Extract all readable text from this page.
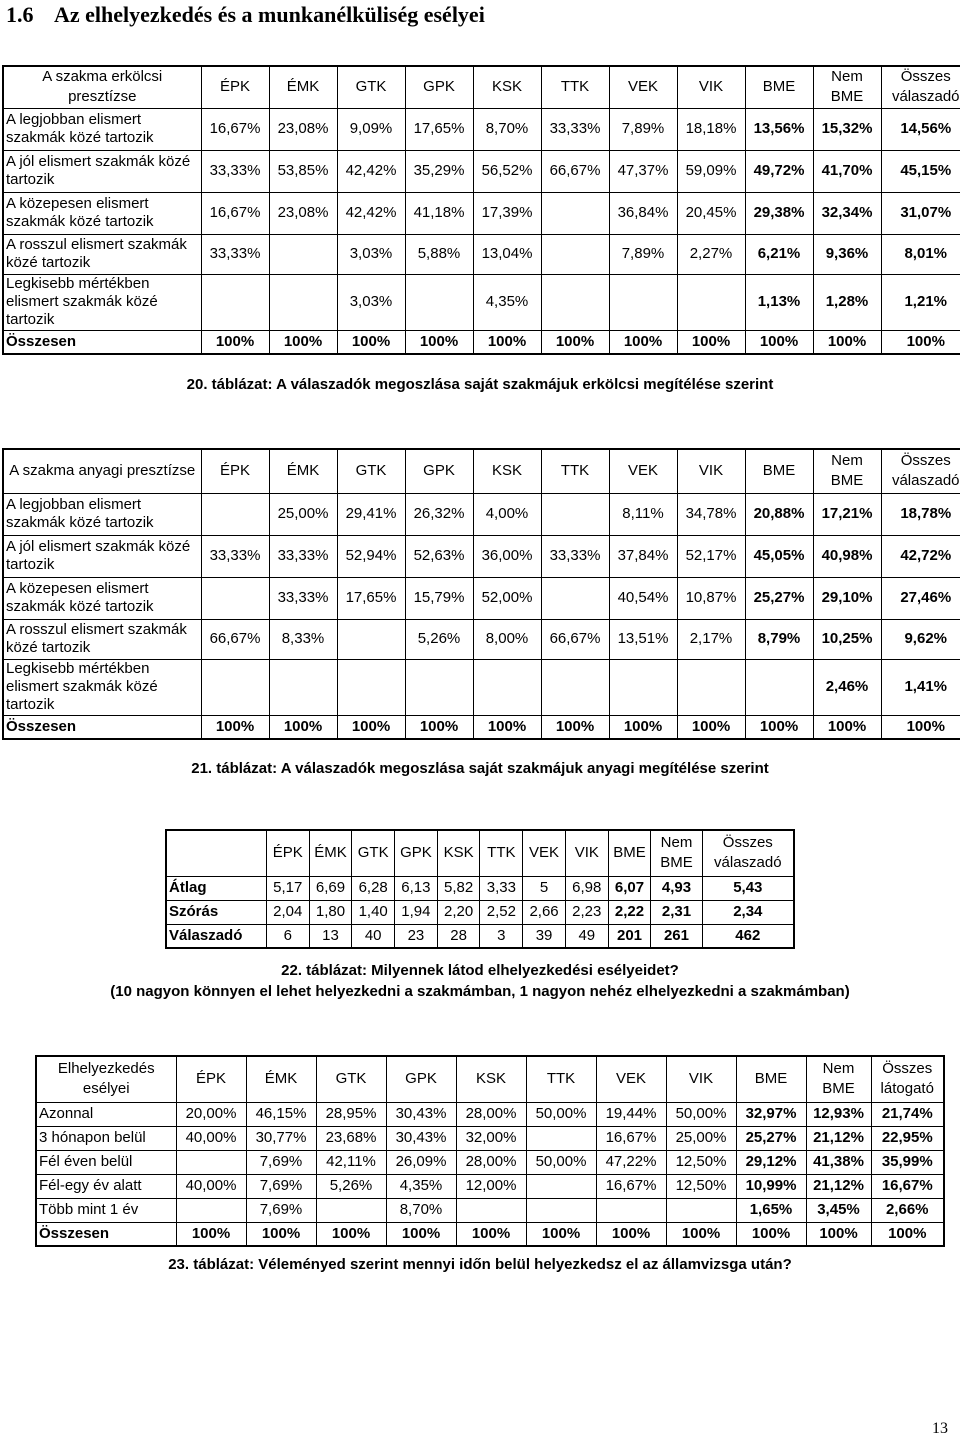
1.6 Az elhelyezkedés és a munkanélküliség esélyei
A szakma erkölcsi presztízse	ÉPK	ÉMK	GTK	GPK	KSK	TTK	VEK	VIK	BME	Nem BME	Összes válaszadó
A legjobban elismert szakmák közé tartozik	16,67%	23,08%	9,09%	17,65%	8,70%	33,33%	7,89%	18,18%	13,56%	15,32%	14,56%
A jól elismert szakmák közé tartozik	33,33%	53,85%	42,42%	35,29%	56,52%	66,67%	47,37%	59,09%	49,72%	41,70%	45,15%
A közepesen elismert szakmák közé tartozik	16,67%	23,08%	42,42%	41,18%	17,39%		36,84%	20,45%	29,38%	32,34%	31,07%
A rosszul elismert szakmák közé tartozik	33,33%		3,03%	5,88%	13,04%		7,89%	2,27%	6,21%	9,36%	8,01%
Legkisebb mértékben elismert szakmák közé tartozik			3,03%		4,35%				1,13%	1,28%	1,21%
Összesen	100%	100%	100%	100%	100%	100%	100%	100%	100%	100%	100%
20. táblázat: A válaszadók megoszlása saját szakmájuk erkölcsi megítélése szerint
A szakma anyagi presztízse	ÉPK	ÉMK	GTK	GPK	KSK	TTK	VEK	VIK	BME	Nem BME	Összes válaszadó
A legjobban elismert szakmák közé tartozik		25,00%	29,41%	26,32%	4,00%		8,11%	34,78%	20,88%	17,21%	18,78%
A jól elismert szakmák közé tartozik	33,33%	33,33%	52,94%	52,63%	36,00%	33,33%	37,84%	52,17%	45,05%	40,98%	42,72%
A közepesen elismert szakmák közé tartozik		33,33%	17,65%	15,79%	52,00%		40,54%	10,87%	25,27%	29,10%	27,46%
A rosszul elismert szakmák közé tartozik	66,67%	8,33%		5,26%	8,00%	66,67%	13,51%	2,17%	8,79%	10,25%	9,62%
Legkisebb mértékben elismert szakmák közé tartozik										2,46%	1,41%
Összesen	100%	100%	100%	100%	100%	100%	100%	100%	100%	100%	100%
21. táblázat: A válaszadók megoszlása saját szakmájuk anyagi megítélése szerint
	ÉPK	ÉMK	GTK	GPK	KSK	TTK	VEK	VIK	BME	Nem BME	Összes válaszadó
Átlag	5,17	6,69	6,28	6,13	5,82	3,33	5	6,98	6,07	4,93	5,43
Szórás	2,04	1,80	1,40	1,94	2,20	2,52	2,66	2,23	2,22	2,31	2,34
Válaszadó	6	13	40	23	28	3	39	49	201	261	462
22. táblázat: Milyennek látod elhelyezkedési esélyeidet?
(10 nagyon könnyen el lehet helyezkedni a szakmámban, 1 nagyon nehéz elhelyezkedni a szakmámban)
Elhelyezkedés esélyei	ÉPK	ÉMK	GTK	GPK	KSK	TTK	VEK	VIK	BME	Nem BME	Összes látogató
Azonnal	20,00%	46,15%	28,95%	30,43%	28,00%	50,00%	19,44%	50,00%	32,97%	12,93%	21,74%
3 hónapon belül	40,00%	30,77%	23,68%	30,43%	32,00%		16,67%	25,00%	25,27%	21,12%	22,95%
Fél éven belül		7,69%	42,11%	26,09%	28,00%	50,00%	47,22%	12,50%	29,12%	41,38%	35,99%
Fél-egy év alatt	40,00%	7,69%	5,26%	4,35%	12,00%		16,67%	12,50%	10,99%	21,12%	16,67%
Több mint 1 év		7,69%		8,70%					1,65%	3,45%	2,66%
Összesen	100%	100%	100%	100%	100%	100%	100%	100%	100%	100%	100%
23. táblázat: Véleményed szerint mennyi időn belül helyezkedsz el az államvizsga után?
13
